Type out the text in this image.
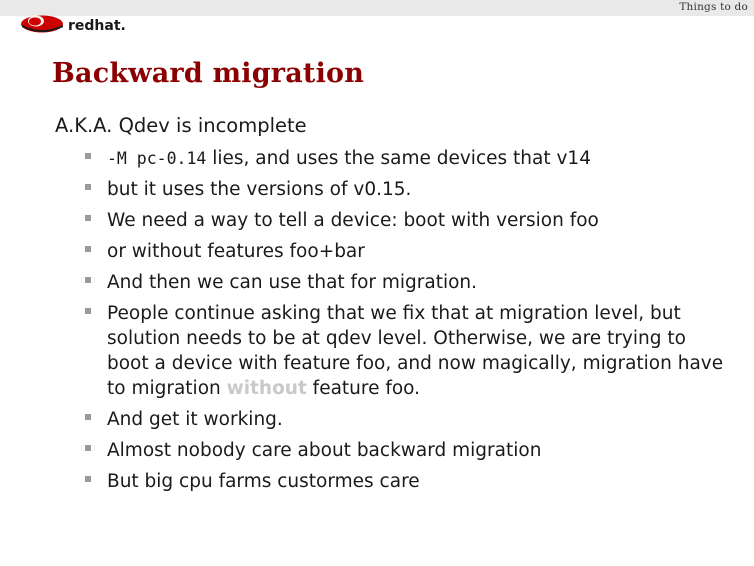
Things to do
redhat.
Backward migration

A.K.A. Qdev is incomplete

-M pc-0.14 lies, and uses the same devices that v14
but it uses the versions of v0.15.
We need a way to tell a device: boot with version foo
or without features foo+bar
And then we can use that for migration.
People continue asking that we fix that at migration level, but solution needs to be at qdev level. Otherwise, we are trying to boot a device with feature foo, and now magically, migration have to migration without feature foo.
And get it working.
Almost nobody care about backward migration
But big cpu farms custormes care
